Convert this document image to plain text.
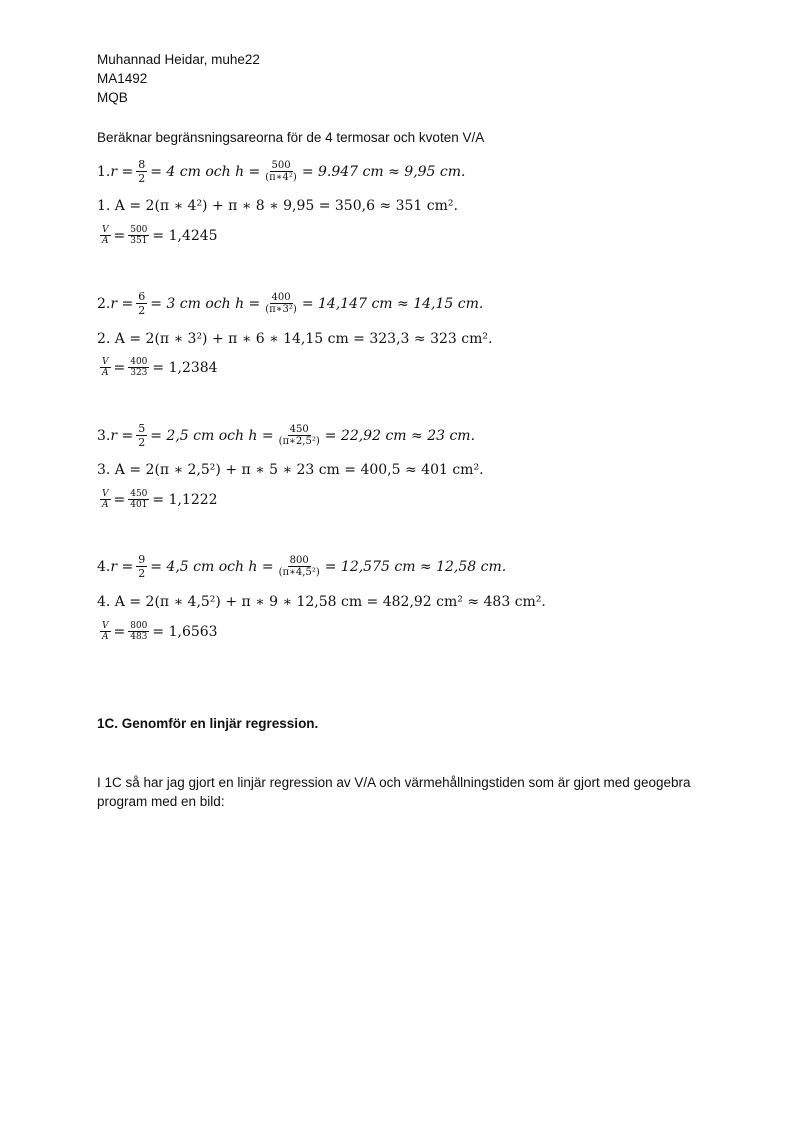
Muhannad Heidar, muhe22
MA1492
MQB
Beräknar begränsningsareorna för de 4 termosar och kvoten V/A
1. $r = \frac{8}{2} = 4$ cm och $h = \frac{500}{\text{(π∗4²)}} = 9.947$ cm ≈ 9,95 cm.
1. A = 2(π ∗ 4²) + π ∗ 8 ∗ 9,95 = 350,6 ≈ 351 cm².
$\frac{V}{A} = \frac{500}{351} = 1,4245$
2. $r = \frac{6}{2} = 3$ cm och $h = \frac{400}{\text{(π∗3²)}} = 14,147$ cm ≈ 14,15 cm.
2. A = 2(π ∗ 3²) + π ∗ 6 ∗ 14,15 cm = 323,3 ≈ 323 cm².
$\frac{V}{A} = \frac{400}{323} = 1,2384$
3. $r = \frac{5}{2} = 2,5$ cm och $h = \frac{450}{\text{(π∗2,5²)}} = 22,92$ cm ≈ 23 cm.
3. A = 2(π ∗ 2,5²) + π ∗ 5 ∗ 23 cm = 400,5 ≈ 401 cm².
$\frac{V}{A} = \frac{450}{401} = 1,1222$
4. $r = \frac{9}{2} = 4,5$ cm och $h = \frac{800}{\text{(π∗4,5²)}} = 12,575$ cm ≈ 12,58 cm.
4. A = 2(π ∗ 4,5²) + π ∗ 9 ∗ 12,58 cm = 482,92 cm² ≈ 483 cm².
$\frac{V}{A} = \frac{800}{483} = 1,6563$
1C. Genomför en linjär regression.
I 1C så har jag gjort en linjär regression av V/A och värmehållningstiden som är gjort med geogebra program med en bild:
